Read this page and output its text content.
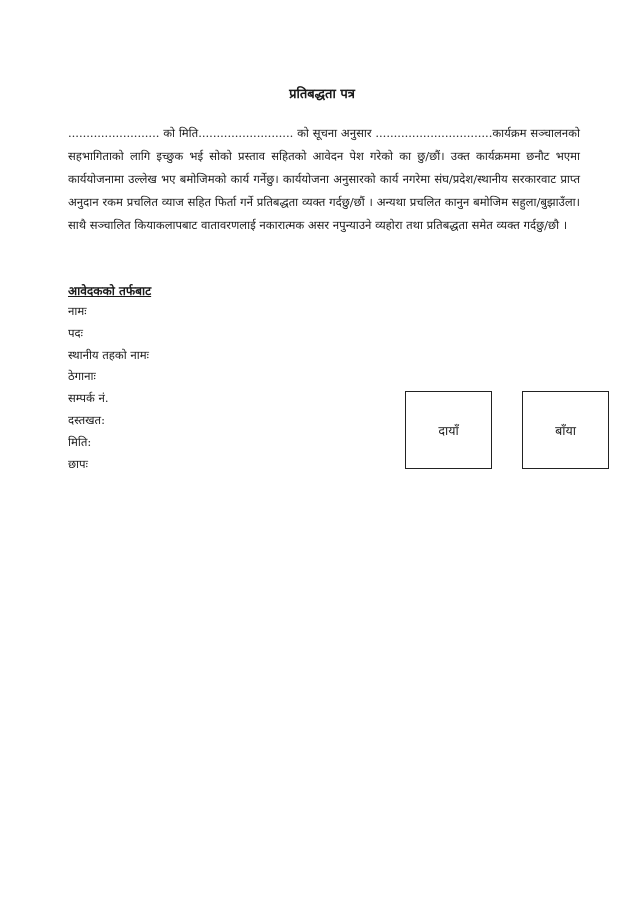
प्रतिबद्धता पत्र

......................... को मिति.......................... को सूचना अनुसार ................................कार्यक्रम सञ्चालनको सहभागिताको लागि इच्छुक भई सोको प्रस्ताव सहितको आवेदन पेश गरेको का छु/छौं। उक्त कार्यक्रममा छनौट भएमा कार्ययोजनामा उल्लेख भए बमोजिमको कार्य गर्नेछु। कार्ययोजना अनुसारको कार्य नगरेमा संघ/प्रदेश/स्थानीय सरकारवाट प्राप्त अनुदान रकम प्रचलित व्याज सहित फिर्ता गर्ने प्रतिबद्धता व्यक्त गर्दछु/छौं । अन्यथा प्रचलित कानुन बमोजिम सहुला/बुझाउँला। साथै सञ्चालित कियाकलापबाट वातावरणलाई नकारात्मक असर नपुन्याउने व्यहोरा तथा प्रतिबद्धता समेत व्यक्त गर्दछु/छौ ।

आवेदकको तर्फबाट
नामः
पदः
स्थानीय तहको नामः
ठेगानाः
सम्पर्क नं.
दस्तखत:
मिति:
छापः
दायाँ	बाँया
